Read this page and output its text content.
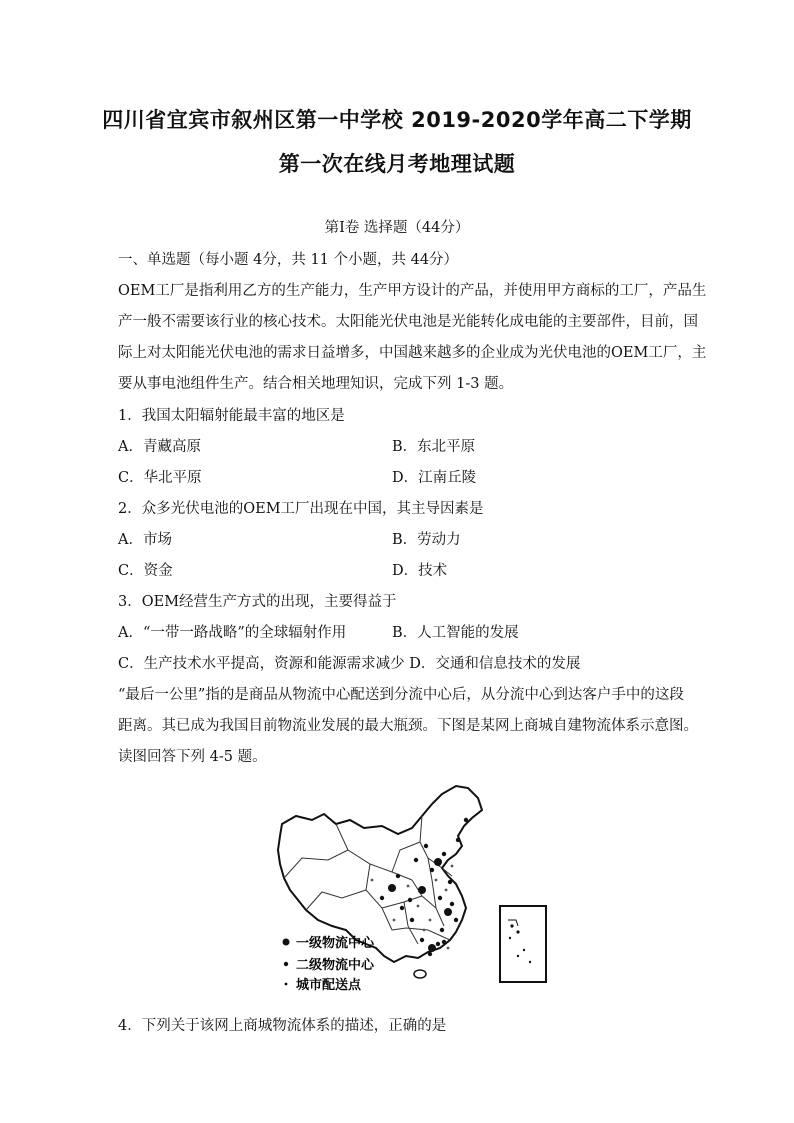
四川省宜宾市叙州区第一中学校 2019-2020学年高二下学期
第一次在线月考地理试题
第Ⅰ卷 选择题（44分）
一、单选题（每小题 4分，共 11 个小题，共 44分）
OEM工厂是指利用乙方的生产能力，生产甲方设计的产品，并使用甲方商标的工厂，产品生
产一般不需要该行业的核心技术。太阳能光伏电池是光能转化成电能的主要部件，目前，国
际上对太阳能光伏电池的需求日益增多，中国越来越多的企业成为光伏电池的OEM工厂，主
要从事电池组件生产。结合相关地理知识，完成下列 1-3 题。
1．我国太阳辐射能最丰富的地区是
A．青藏高原	B．东北平原
C．华北平原	D．江南丘陵
2．众多光伏电池的OEM工厂出现在中国，其主导因素是
A．市场	B．劳动力
C．资金	D．技术
3．OEM经营生产方式的出现，主要得益于
A．“一带一路战略”的全球辐射作用	B．人工智能的发展
C．生产技术水平提高，资源和能源需求减少 D．交通和信息技术的发展
“最后一公里”指的是商品从物流中心配送到分流中心后，从分流中心到达客户手中的这段
距离。其已成为我国目前物流业发展的最大瓶颈。下图是某网上商城自建物流体系示意图。
读图回答下列 4-5 题。
一级物流中心
二级物流中心
城市配送点
4．下列关于该网上商城物流体系的描述，正确的是
